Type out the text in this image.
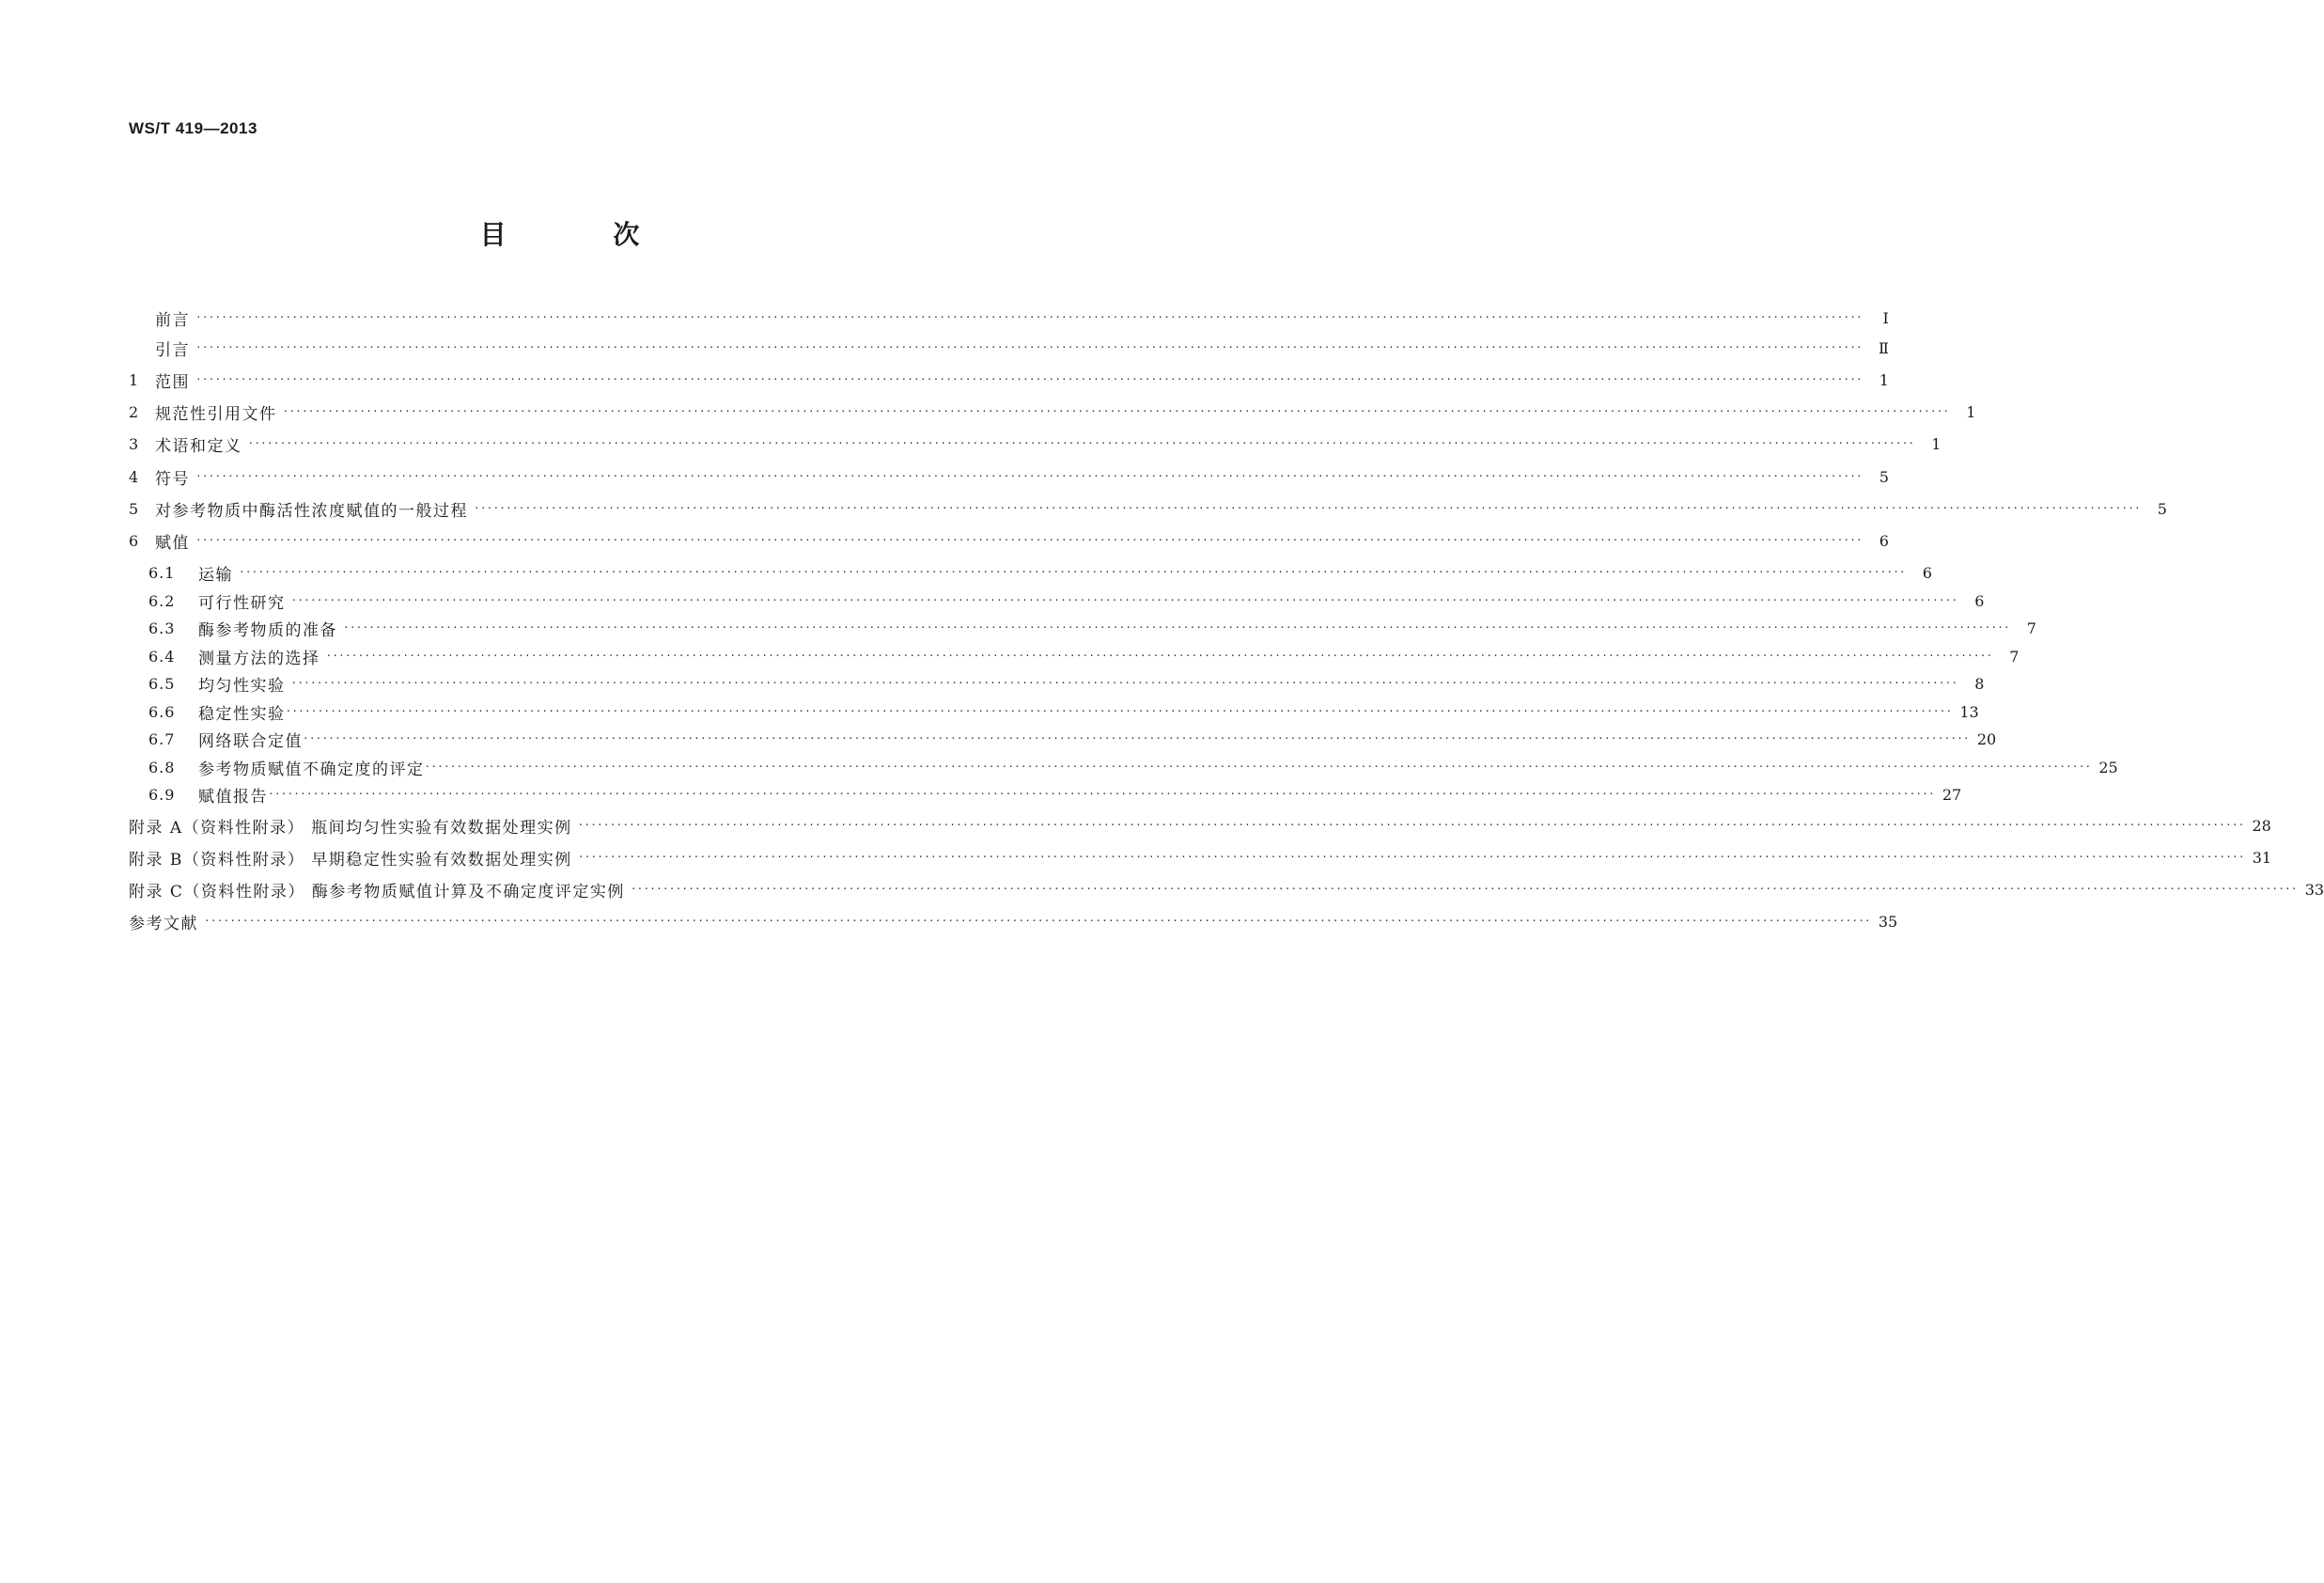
WS/T 419—2013
目 次
前言 ····································································································································································································································································	Ⅰ
引言 ····································································································································································································································································	Ⅱ
1	范围 ····································································································································································································································································	1
2	规范性引用文件 ····································································································································································································································································	1
3	术语和定义 ····································································································································································································································································	1
4	符号 ····································································································································································································································································	5
5	对参考物质中酶活性浓度赋值的一般过程 ····································································································································································································································································	5
6	赋值 ····································································································································································································································································	6
6.1	运输 ····································································································································································································································································	6
6.2	可行性研究 ····································································································································································································································································	6
6.3	酶参考物质的准备 ····································································································································································································································································	7
6.4	测量方法的选择 ····································································································································································································································································	7
6.5	均匀性实验 ····································································································································································································································································	8
6.6	稳定性实验 ···································································································································································································································································· 13
6.7	网络联合定值 ···································································································································································································································································· 20
6.8	参考物质赋值不确定度的评定 ···································································································································································································································································· 25
6.9	赋值报告 ···································································································································································································································································· 27
附录 A（资料性附录） 瓶间均匀性实验有效数据处理实例 ···································································································································································································································································· 28
附录 B（资料性附录） 早期稳定性实验有效数据处理实例 ···································································································································································································································································· 31
附录 C（资料性附录） 酶参考物质赋值计算及不确定度评定实例 ···································································································································································································································································· 33
参考文献 ···································································································································································································································································· 35
